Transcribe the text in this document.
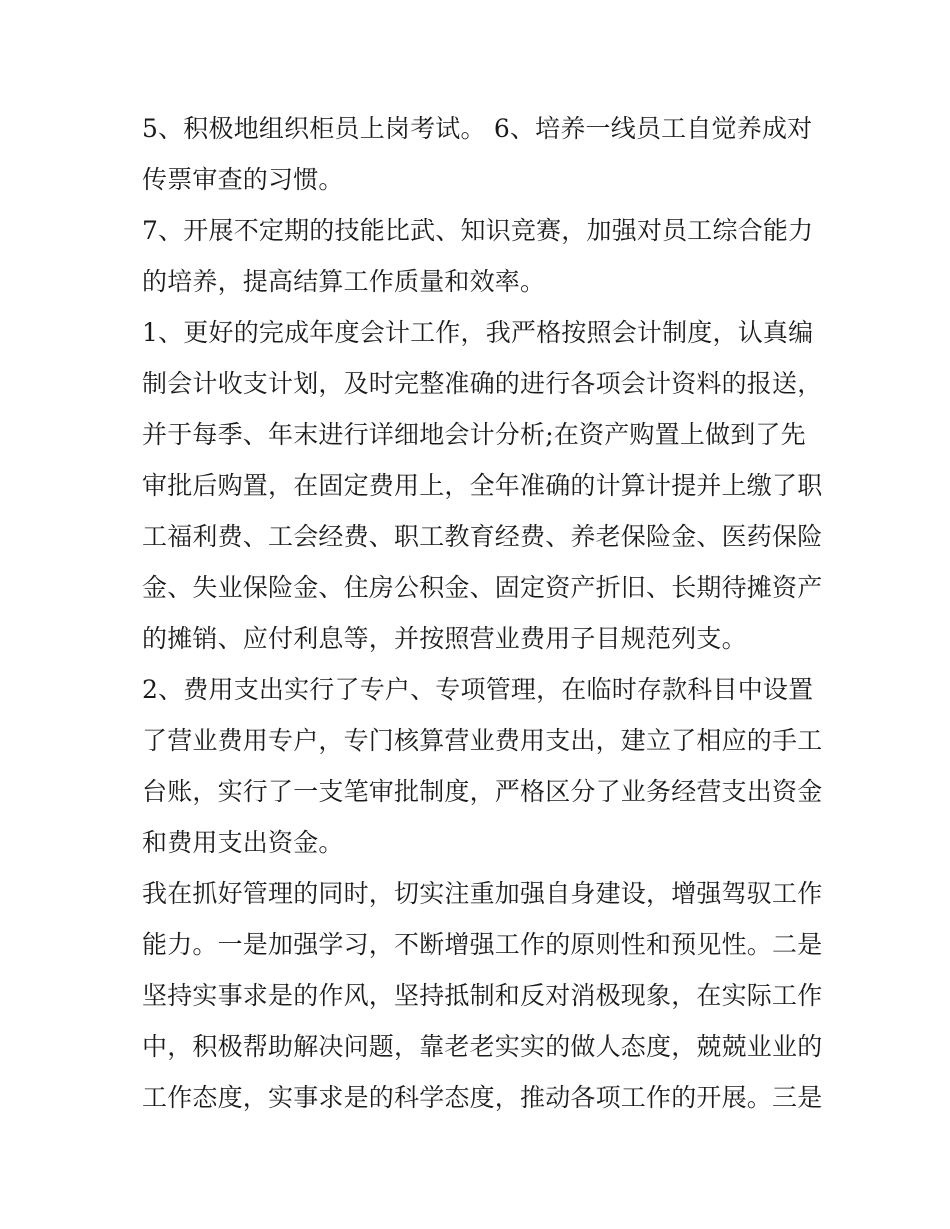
5、积极地组织柜员上岗考试。 6、培养一线员工自觉养成对
传票审查的习惯。
7、开展不定期的技能比武、知识竞赛，加强对员工综合能力
的培养，提高结算工作质量和效率。
1、更好的完成年度会计工作，我严格按照会计制度，认真编
制会计收支计划，及时完整准确的进行各项会计资料的报送，
并于每季、年末进行详细地会计分析;在资产购置上做到了先
审批后购置，在固定费用上，全年准确的计算计提并上缴了职
工福利费、工会经费、职工教育经费、养老保险金、医药保险
金、失业保险金、住房公积金、固定资产折旧、长期待摊资产
的摊销、应付利息等，并按照营业费用子目规范列支。
2、费用支出实行了专户、专项管理，在临时存款科目中设置
了营业费用专户，专门核算营业费用支出，建立了相应的手工
台账，实行了一支笔审批制度，严格区分了业务经营支出资金
和费用支出资金。
我在抓好管理的同时，切实注重加强自身建设，增强驾驭工作
能力。一是加强学习，不断增强工作的原则性和预见性。二是
坚持实事求是的作风，坚持抵制和反对消极现象，在实际工作
中，积极帮助解决问题，靠老老实实的做人态度，兢兢业业的
工作态度，实事求是的科学态度，推动各项工作的开展。三是
